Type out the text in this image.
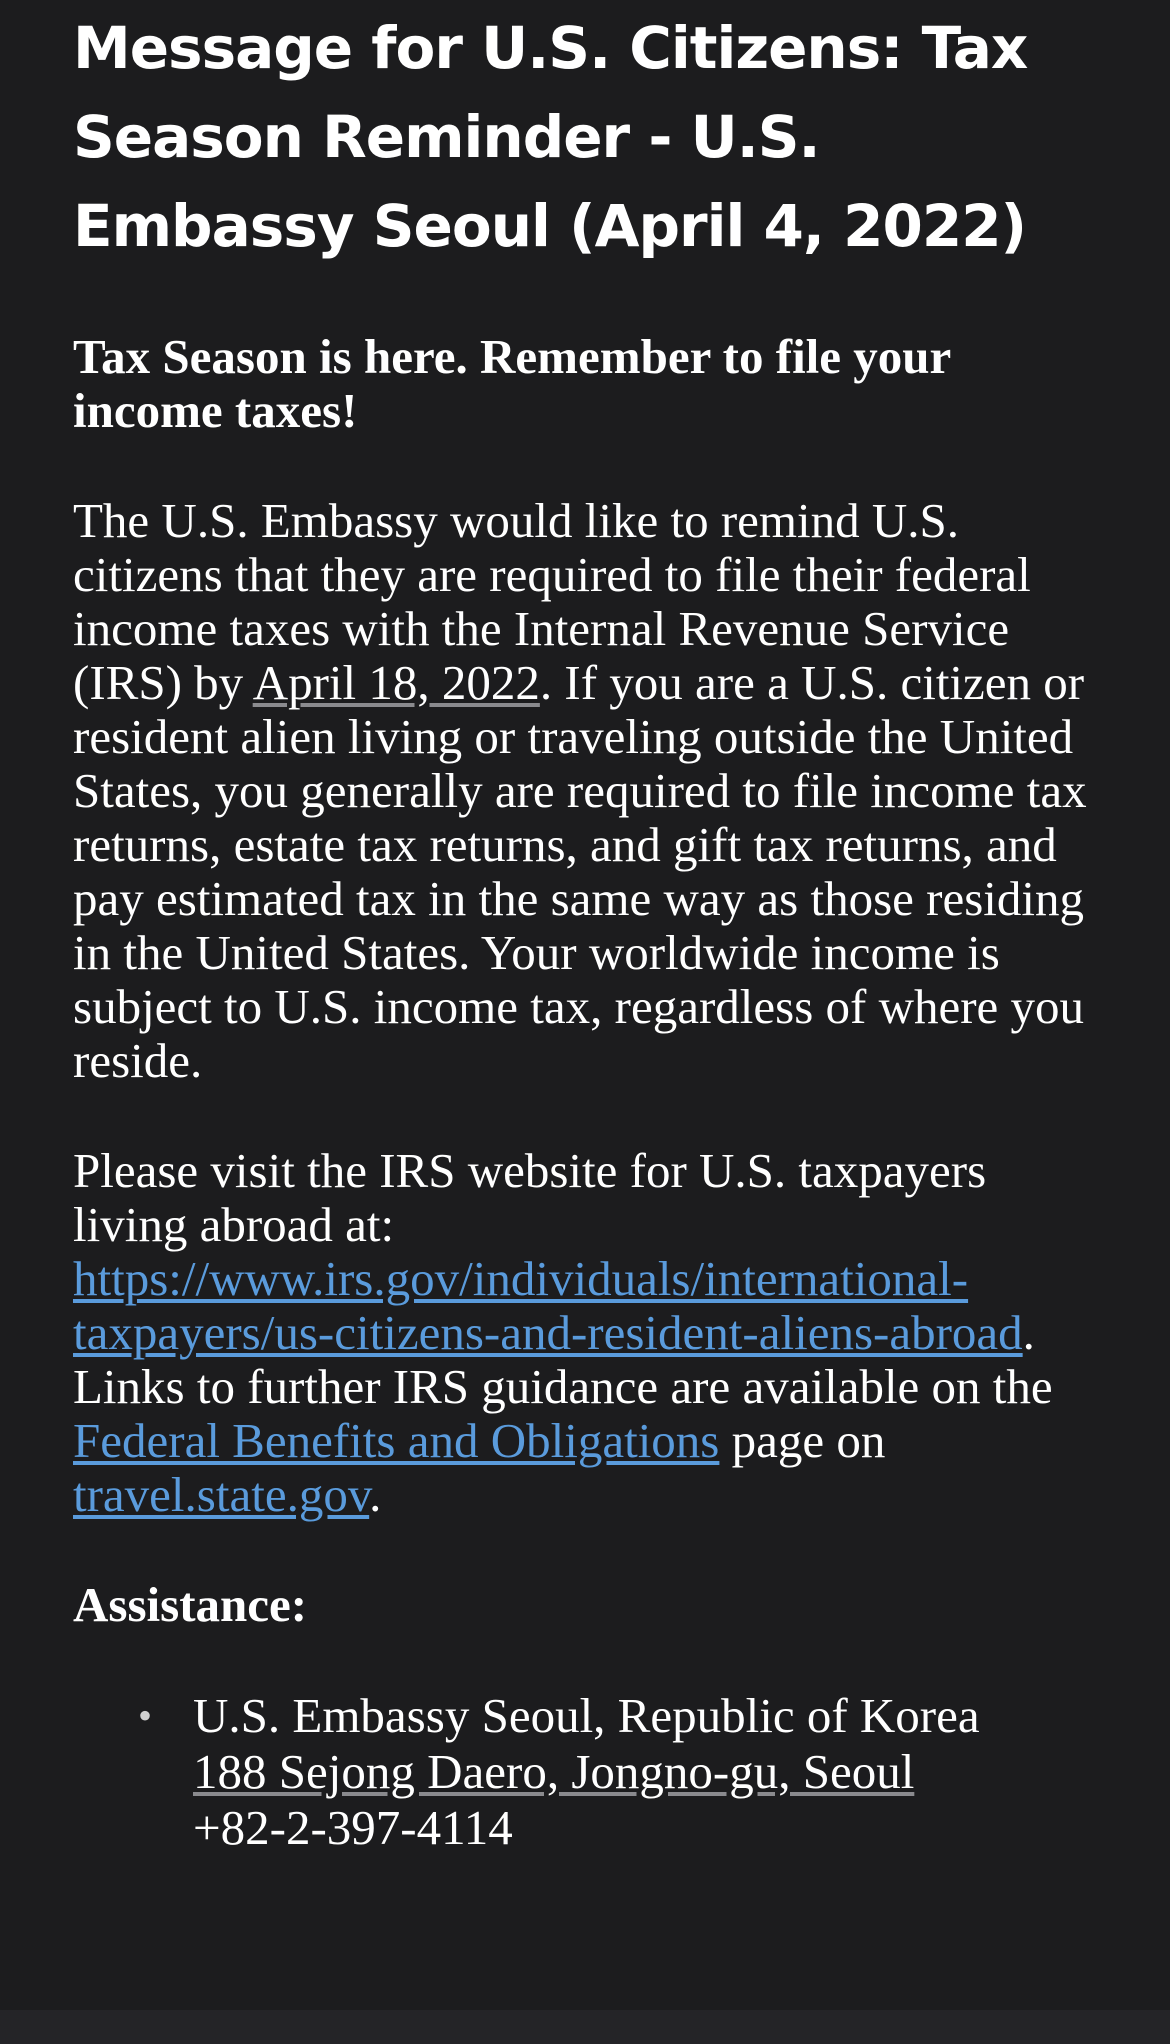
Message for U.S. Citizens: Tax Season Reminder - U.S. Embassy Seoul (April 4, 2022)

Tax Season is here. Remember to file your income taxes!

The U.S. Embassy would like to remind U.S. citizens that they are required to file their federal income taxes with the Internal Revenue Service (IRS) by April 18, 2022. If you are a U.S. citizen or resident alien living or traveling outside the United States, you generally are required to file income tax returns, estate tax returns, and gift tax returns, and pay estimated tax in the same way as those residing in the United States. Your worldwide income is subject to U.S. income tax, regardless of where you reside.

Please visit the IRS website for U.S. taxpayers living abroad at: https://www.irs.gov/individuals/international-taxpayers/us-citizens-and-resident-aliens-abroad. Links to further IRS guidance are available on the Federal Benefits and Obligations page on travel.state.gov.

Assistance:

• U.S. Embassy Seoul, Republic of Korea
188 Sejong Daero, Jongno-gu, Seoul
+82-2-397-4114
